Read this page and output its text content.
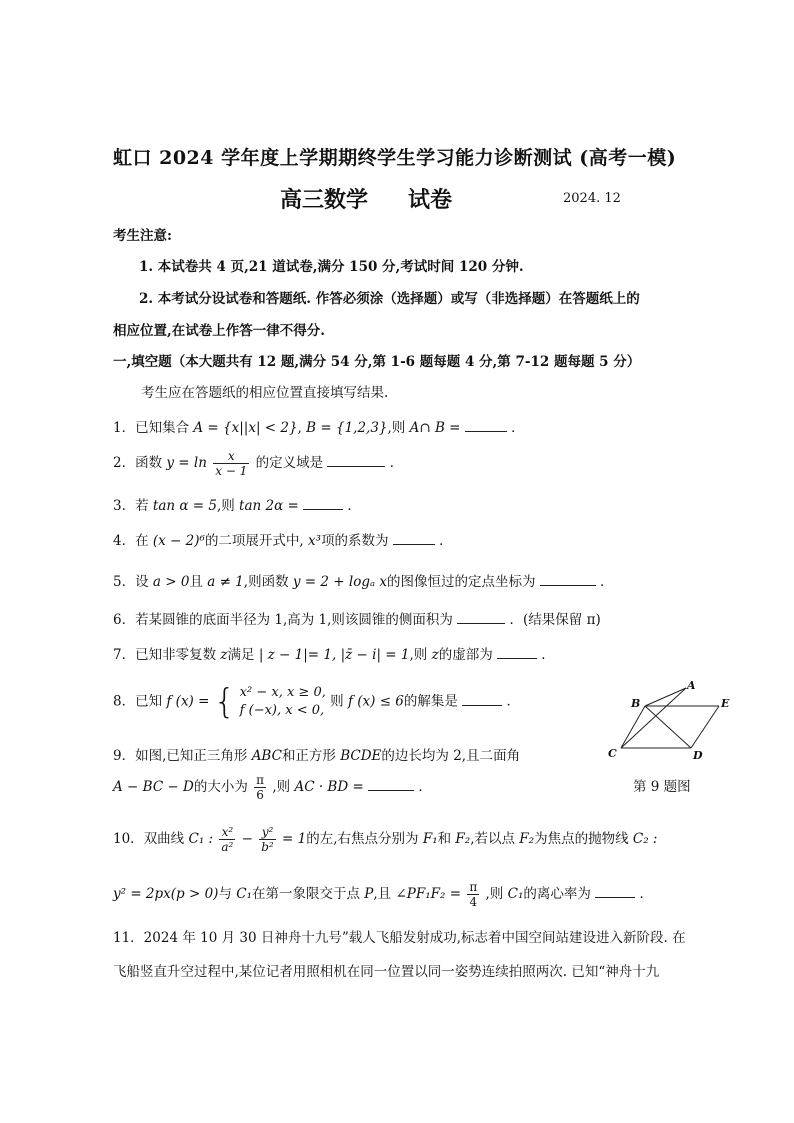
虹口 2024 学年度上学期期终学生学习能力诊断测试 (高考一模)
高三数学 试卷	2024. 12
考生注意:
1. 本试卷共 4 页,21 道试卷,满分 150 分,考试时间 120 分钟.
2. 本考试分设试卷和答题纸. 作答必须涂（选择题）或写（非选择题）在答题纸上的
相应位置,在试卷上作答一律不得分.
一,填空题（本大题共有 12 题,满分 54 分,第 1-6 题每题 4 分,第 7-12 题每题 5 分）
考生应在答题纸的相应位置直接填写结果.
1．已知集合 A = {x||x| < 2}, B = {1,2,3},则 A∩ B =	．
2．函数 $y = \ln \frac{x}{x - 1}$ 的定义域是	．
3．若 tan α = 5,则 tan 2α =	．
4．在 (x − 2)⁶的二项展开式中, x³项的系数为	．
5．设 a > 0且 a ≠ 1,则函数 y = 2 + logₐ x的图像恒过的定点坐标为	．
6．若某圆锥的底面半径为 1,高为 1,则该圆锥的侧面积为	．(结果保留 π)
7．已知非零复数 z满足 | z − 1|= 1, |z̄ − i| = 1,则 z的虚部为	．
8．已知 f (x) = { x² − x, x ≥ 0,
f (−x), x < 0,
则 f (x) ≤ 6的解集是	．
9．如图,已知正三角形 ABC和正方形 BCDE的边长均为 2,且二面角
A − BC − D的大小为 $\frac{\pi}{6}$ ,则 AC · BD =	．
A
B
C	D
E
第 9 题图
10．双曲线 C₁ : $\frac{\text{x²}}{\text{a²}} - \frac{\text{y²}}{\text{b²}} = 1$的左,右焦点分别为 F₁和 F₂,若以点 F₂为焦点的抛物线 C₂ :
y² = 2px(p > 0)与 C₁在第一象限交于点 P,且 ∠PF₁F₂ = $\frac{\pi}{4}$ ,则 C₁的离心率为	．
11．2024 年 10 月 30 日神舟十九号”载人飞船发射成功,标志着中国空间站建设进入新阶段. 在
飞船竖直升空过程中,某位记者用照相机在同一位置以同一姿势连续拍照两次. 已知“神舟十九
